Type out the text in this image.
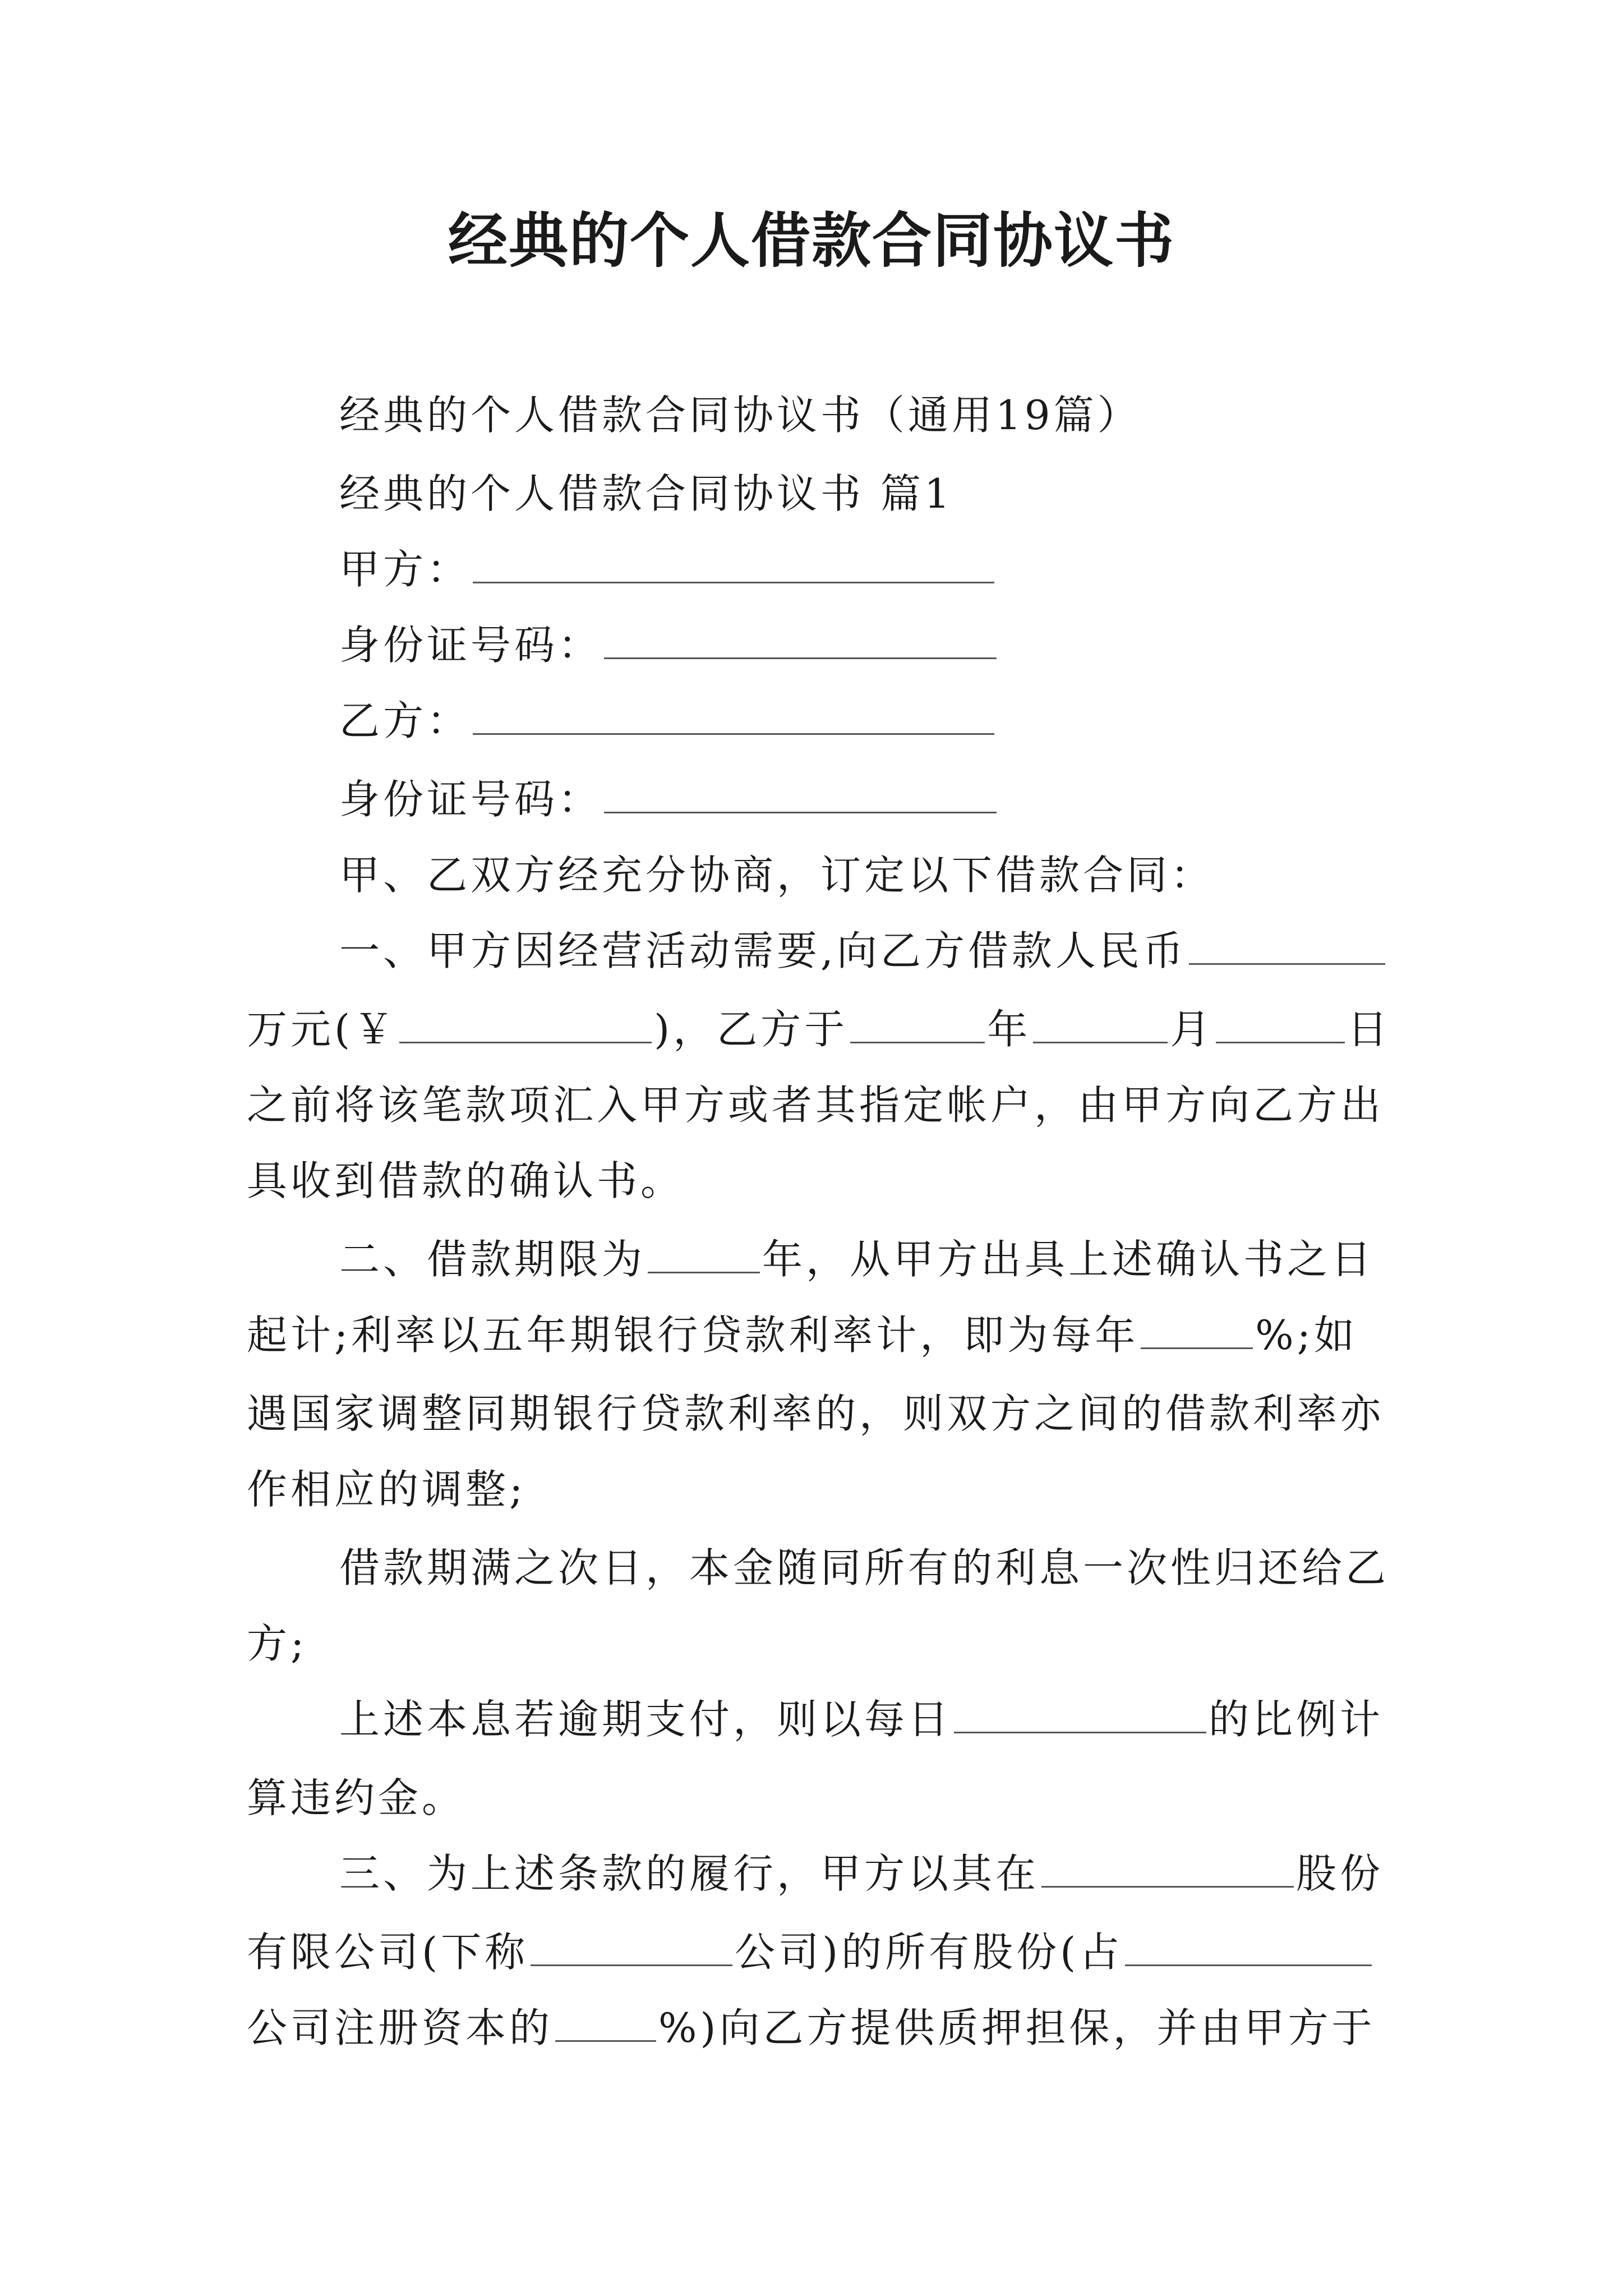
经典的个人借款合同协议书
经典的个人借款合同协议书（通用19篇）
经典的个人借款合同协议书 篇1
甲方：
身份证号码：
乙方：
身份证号码：
甲、乙双方经充分协商，订定以下借款合同：
一、甲方因经营活动需要,向乙方借款人民币
万元(￥	)，乙方于	年	月	日
之前将该笔款项汇入甲方或者其指定帐户，由甲方向乙方出
具收到借款的确认书。
二、借款期限为	年，从甲方出具上述确认书之日
起计;利率以五年期银行贷款利率计，即为每年	%;如
遇国家调整同期银行贷款利率的，则双方之间的借款利率亦
作相应的调整;
借款期满之次日，本金随同所有的利息一次性归还给乙
方;
上述本息若逾期支付，则以每日	的比例计
算违约金。
三、为上述条款的履行，甲方以其在	股份
有限公司(下称	公司)的所有股份(占
公司注册资本的	%)向乙方提供质押担保，并由甲方于
